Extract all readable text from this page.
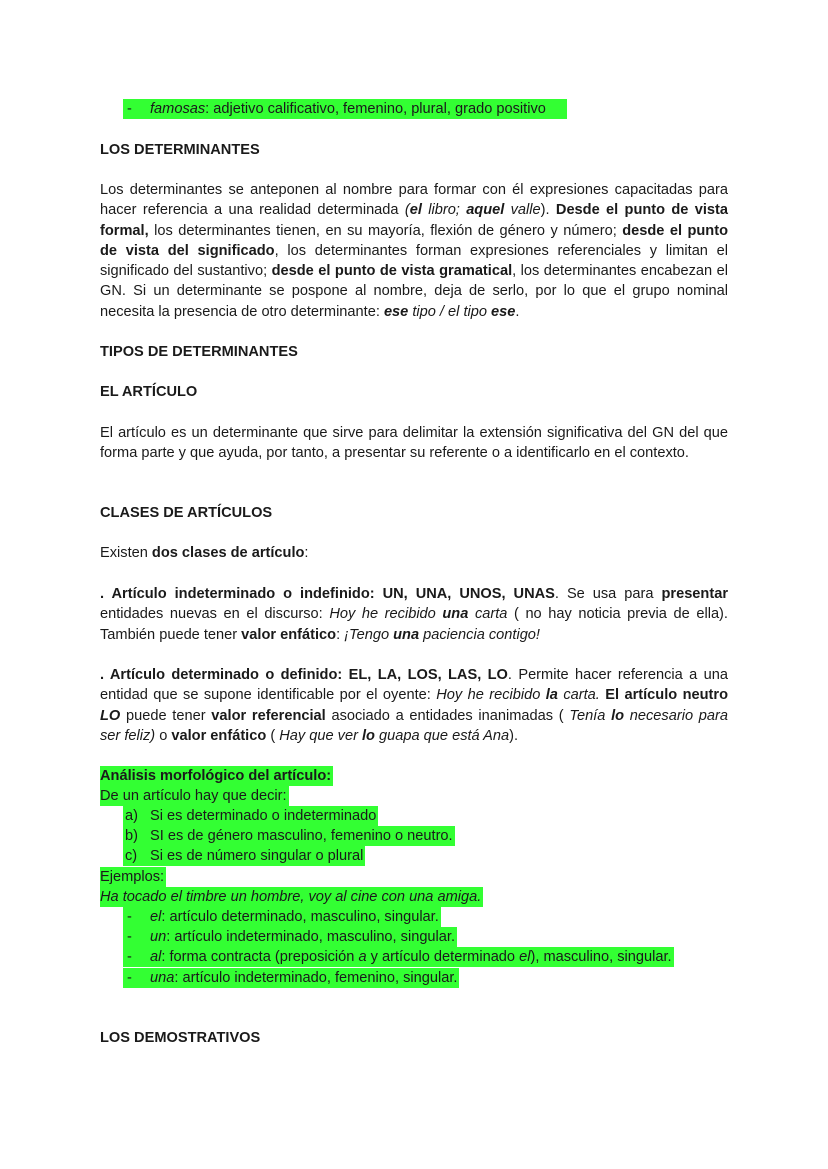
- famosas: adjetivo calificativo, femenino, plural, grado positivo
LOS DETERMINANTES
Los determinantes se anteponen al nombre para formar con él expresiones capacitadas para hacer referencia a una realidad determinada (el libro; aquel valle). Desde el punto de vista formal, los determinantes tienen, en su mayoría, flexión de género y número; desde el punto de vista del significado, los determinantes forman expresiones referenciales y limitan el significado del sustantivo; desde el punto de vista gramatical, los determinantes encabezan el GN. Si un determinante se pospone al nombre, deja de serlo, por lo que el grupo nominal necesita la presencia de otro determinante: ese tipo / el tipo ese.
TIPOS DE DETERMINANTES
EL ARTÍCULO
El artículo es un determinante que sirve para delimitar la extensión significativa del GN del que forma parte y que ayuda, por tanto, a presentar su referente o a identificarlo en el contexto.
CLASES DE ARTÍCULOS
Existen dos clases de artículo:
. Artículo indeterminado o indefinido: UN, UNA, UNOS, UNAS. Se usa para presentar entidades nuevas en el discurso: Hoy he recibido una carta ( no hay noticia previa de ella). También puede tener valor enfático: ¡Tengo una paciencia contigo!
. Artículo determinado o definido: EL, LA, LOS, LAS, LO. Permite hacer referencia a una entidad que se supone identificable por el oyente: Hoy he recibido la carta. El artículo neutro LO puede tener valor referencial asociado a entidades inanimadas ( Tenía lo necesario para ser feliz) o valor enfático ( Hay que ver lo guapa que está Ana).
Análisis morfológico del artículo:
De un artículo hay que decir:
a) Si es determinado o indeterminado
b) SI es de género masculino, femenino o neutro.
c) Si es de número singular o plural
Ejemplos:
Ha tocado el timbre un hombre, voy al cine con una amiga.
- el: artículo determinado, masculino, singular.
- un: artículo indeterminado, masculino, singular.
- al: forma contracta (preposición a y artículo determinado el), masculino, singular.
- una: artículo indeterminado, femenino, singular.
LOS DEMOSTRATIVOS
